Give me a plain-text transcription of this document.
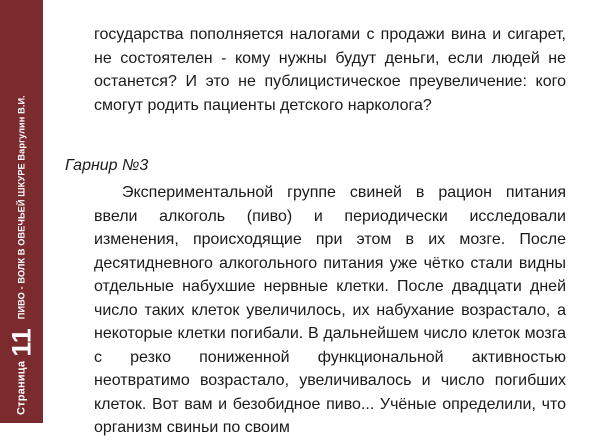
Страница
11
ПИВО - ВОЛК В ОВЕЧЬЕЙ ШКУРЕ Варгулин В.И.

государства пополняется налогами с продажи вина и сигарет, не состоятелен - кому нужны будут деньги, если людей не останется? И это не публицистическое преувеличение: кого смогут родить пациенты детского нарколога?

Гарнир №3

Экспериментальной группе свиней в рацион питания ввели алкоголь (пиво) и периодически исследовали изменения, происходящие при этом в их мозге. После десятидневного алкогольного питания уже чётко стали видны отдельные набухшие нервные клетки. После двадцати дней число таких клеток увеличилось, их набухание возрастало, а некоторые клетки погибали. В дальнейшем число клеток мозга с резко пониженной функциональной активностью неотвратимо возрастало, увеличивалось и число погибших клеток. Вот вам и безобидное пиво... Учёные определили, что организм свиньи по своим
